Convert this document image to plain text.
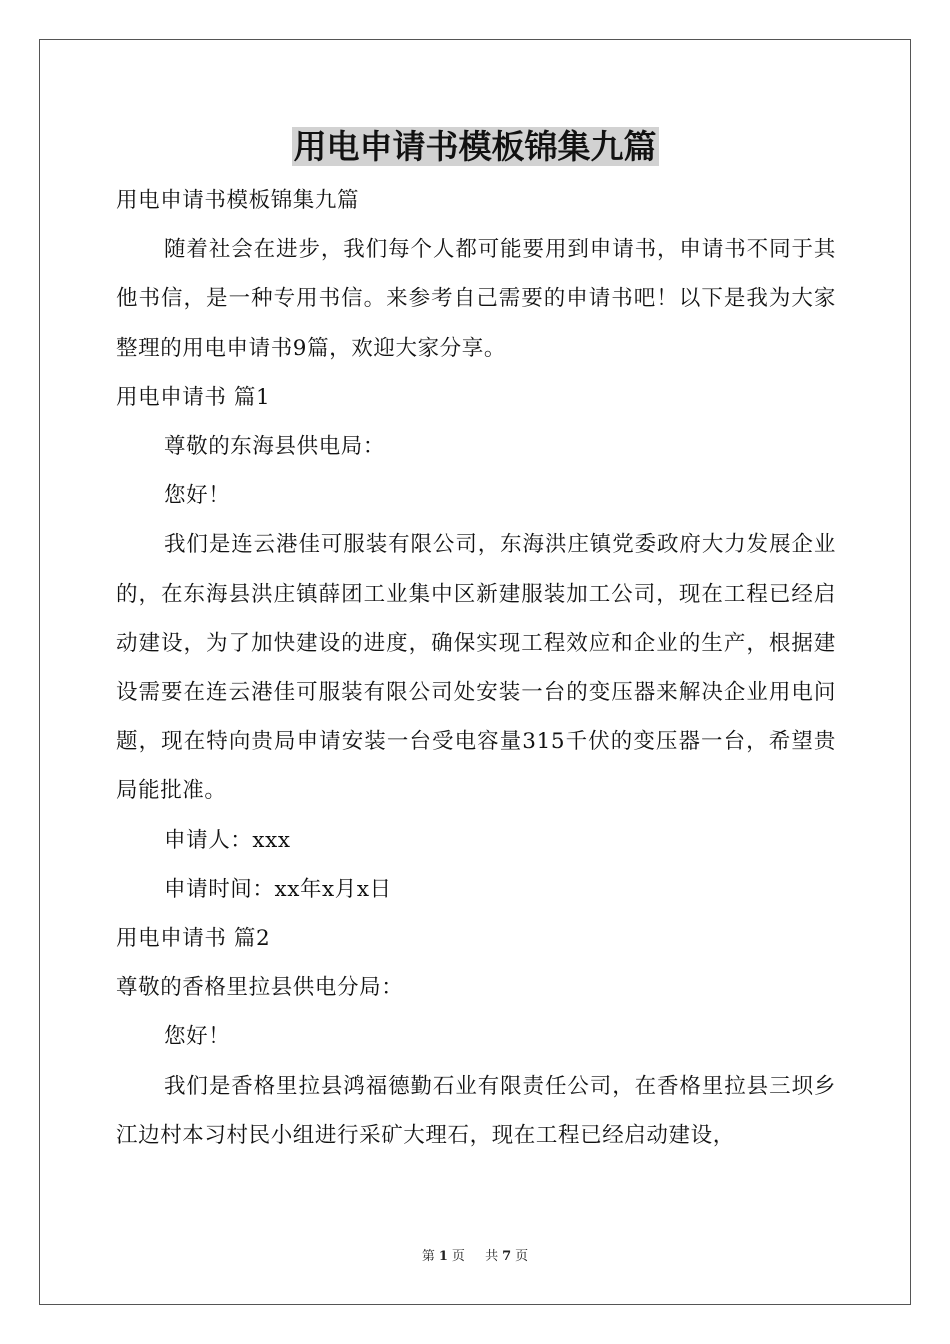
用电申请书模板锦集九篇

用电申请书模板锦集九篇

随着社会在进步，我们每个人都可能要用到申请书，申请书不同于其他书信，是一种专用书信。来参考自己需要的申请书吧！以下是我为大家整理的用电申请书9篇，欢迎大家分享。

用电申请书 篇1

尊敬的东海县供电局：

您好！

我们是连云港佳可服装有限公司，东海洪庄镇党委政府大力发展企业的，在东海县洪庄镇薛团工业集中区新建服装加工公司，现在工程已经启动建设，为了加快建设的进度，确保实现工程效应和企业的生产，根据建设需要在连云港佳可服装有限公司处安装一台的变压器来解决企业用电问题，现在特向贵局申请安装一台受电容量315千伏的变压器一台，希望贵局能批准。

申请人：xxx

申请时间：xx年x月x日

用电申请书 篇2

尊敬的香格里拉县供电分局：

您好！

我们是香格里拉县鸿福德勤石业有限责任公司，在香格里拉县三坝乡江边村本习村民小组进行采矿大理石，现在工程已经启动建设，

第 1 页 共 7 页
